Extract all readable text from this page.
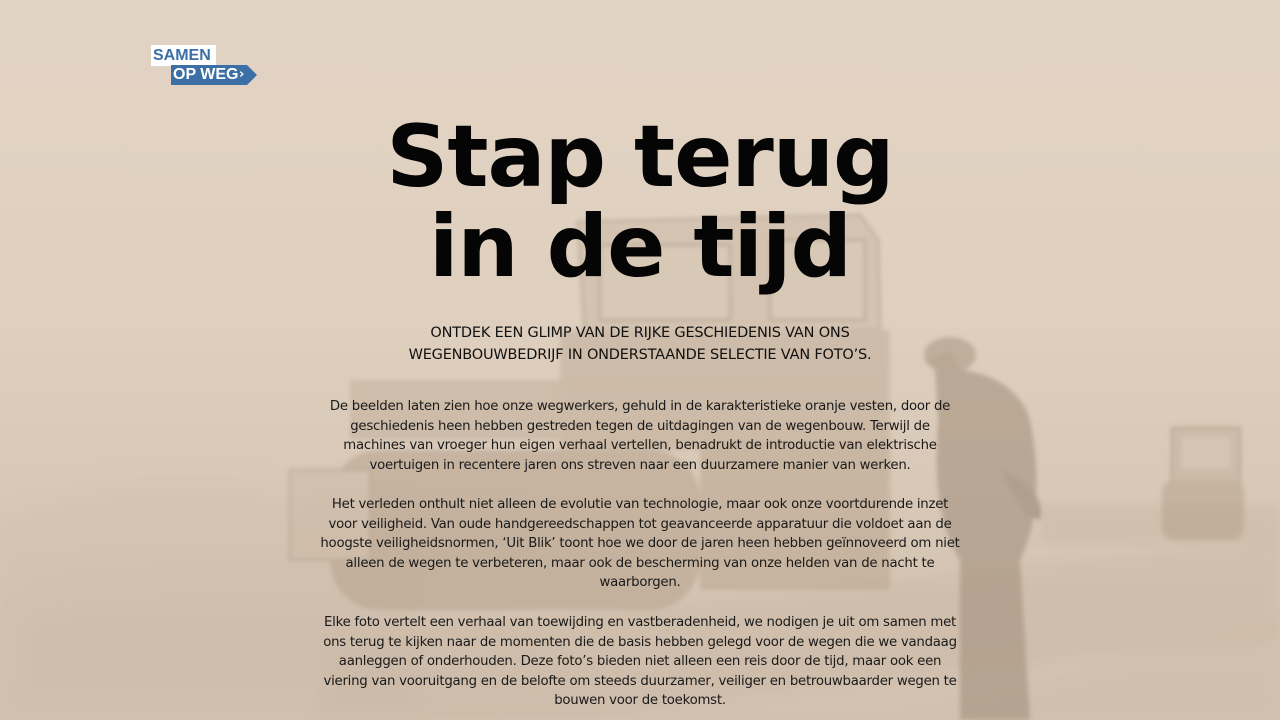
SAMEN
OP WEG ›
Stap terug
in de tijd

ONTDEK EEN GLIMP VAN DE RIJKE GESCHIEDENIS VAN ONS
WEGENBOUWBEDRIJF IN ONDERSTAANDE SELECTIE VAN FOTO’S.

De beelden laten zien hoe onze wegwerkers, gehuld in de karakteristieke oranje vesten, door de geschiedenis heen hebben gestreden tegen de uitdagingen van de wegenbouw. Terwijl de machines van vroeger hun eigen verhaal vertellen, benadrukt de introductie van elektrische voertuigen in recentere jaren ons streven naar een duurzamere manier van werken.

Het verleden onthult niet alleen de evolutie van technologie, maar ook onze voortdurende inzet voor veiligheid. Van oude handgereedschappen tot geavanceerde apparatuur die voldoet aan de hoogste veiligheidsnormen, ‘Uit Blik’ toont hoe we door de jaren heen hebben geïnnoveerd om niet alleen de wegen te verbeteren, maar ook de bescherming van onze helden van de nacht te waarborgen.

Elke foto vertelt een verhaal van toewijding en vastberadenheid, we nodigen je uit om samen met ons terug te kijken naar de momenten die de basis hebben gelegd voor de wegen die we vandaag aanleggen of onderhouden. Deze foto’s bieden niet alleen een reis door de tijd, maar ook een viering van vooruitgang en de belofte om steeds duurzamer, veiliger en betrouwbaarder wegen te bouwen voor de toekomst.
